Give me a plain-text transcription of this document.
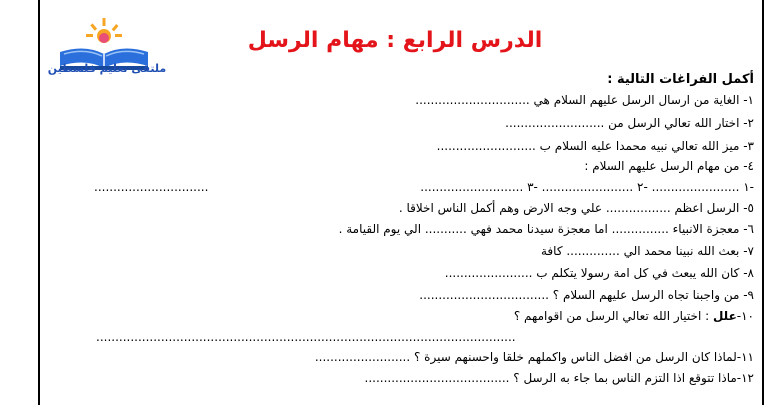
ملتقى تعليم فلسطين
الدرس الرابع : مهام الرسل
أكمل الفراغات التالية :
١- الغاية من ارسال الرسل عليهم السلام هي ..............................
٢- اختار الله تعالي الرسل من ..........................
٣- ميز الله تعالي نبيه محمدا عليه السلام ب ..........................
٤- من مهام الرسل عليهم السلام :
-١ ....................... -٢ ........................ -٣ ...........................
..............................
٥- الرسل اعظم ................. علي وجه الارض وهم أكمل الناس اخلاقا .
٦- معجزة الانبياء ............... اما معجزة سيدنا محمد فهي ........... الي يوم القيامة .
٧- بعث الله نبينا محمد الي .............. كافة
٨- كان الله يبعث في كل امة رسولا يتكلم ب .......................
٩- من واجبنا تجاه الرسل عليهم السلام ؟ ..................................
١٠-علل : اختيار الله تعالي الرسل من اقوامهم ؟
..............................................................................................................
١١-لماذا كان الرسل من افضل الناس واكملهم خلقا واحسنهم سيرة ؟ .........................
١٢-ماذا تتوقع اذا التزم الناس بما جاء به الرسل ؟ ......................................
